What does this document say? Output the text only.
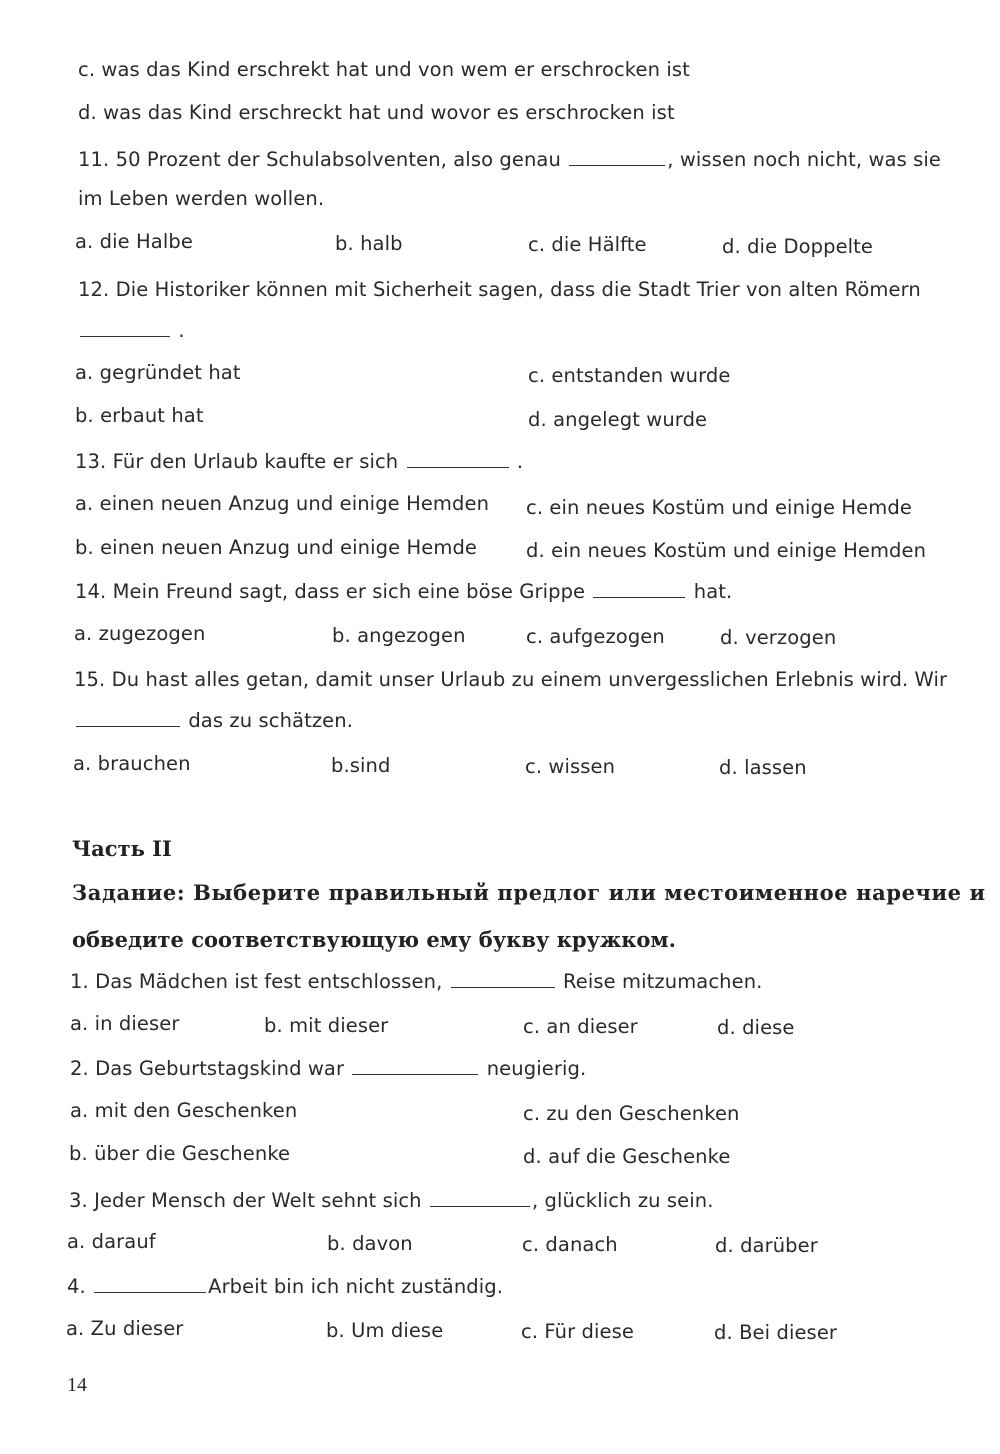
c. was das Kind erschrekt hat und von wem er erschrocken ist
d. was das Kind erschreckt hat und wovor es erschrocken ist
11. 50 Prozent der Schulabsolventen, also genau	, wissen noch nicht, was sie
im Leben werden wollen.
a. die Halbe	b. halb	c. die Hälfte	d. die Doppelte
12. Die Historiker können mit Sicherheit sagen, dass die Stadt Trier von alten Römern
.
a. gegründet hat	c. entstanden wurde
b. erbaut hat	d. angelegt wurde
13. Für den Urlaub kaufte er sich	.
a. einen neuen Anzug und einige Hemden c. ein neues Kostüm und einige Hemde
b. einen neuen Anzug und einige Hemde	d. ein neues Kostüm und einige Hemden
14. Mein Freund sagt, dass er sich eine böse Grippe	hat.
a. zugezogen	b. angezogen	c. aufgezogen	d. verzogen
15. Du hast alles getan, damit unser Urlaub zu einem unvergesslichen Erlebnis wird. Wir
das zu schätzen.
a. brauchen	b.sind	c. wissen	d. lassen
Часть II
Задание: Выберите правильный предлог или местоименное наречие и
обведите соответствующую ему букву кружком.
1. Das Mädchen ist fest entschlossen,	Reise mitzumachen.
a. in dieser	b. mit dieser	c. an dieser	d. diese
2. Das Geburtstagskind war	neugierig.
a. mit den Geschenken	c. zu den Geschenken
b. über die Geschenke	d. auf die Geschenke
3. Jeder Mensch der Welt sehnt sich	, glücklich zu sein.
a. darauf	b. davon	c. danach	d. darüber
4.	Arbeit bin ich nicht zuständig.
a. Zu dieser	b. Um diese	c. Für diese	d. Bei dieser
14
